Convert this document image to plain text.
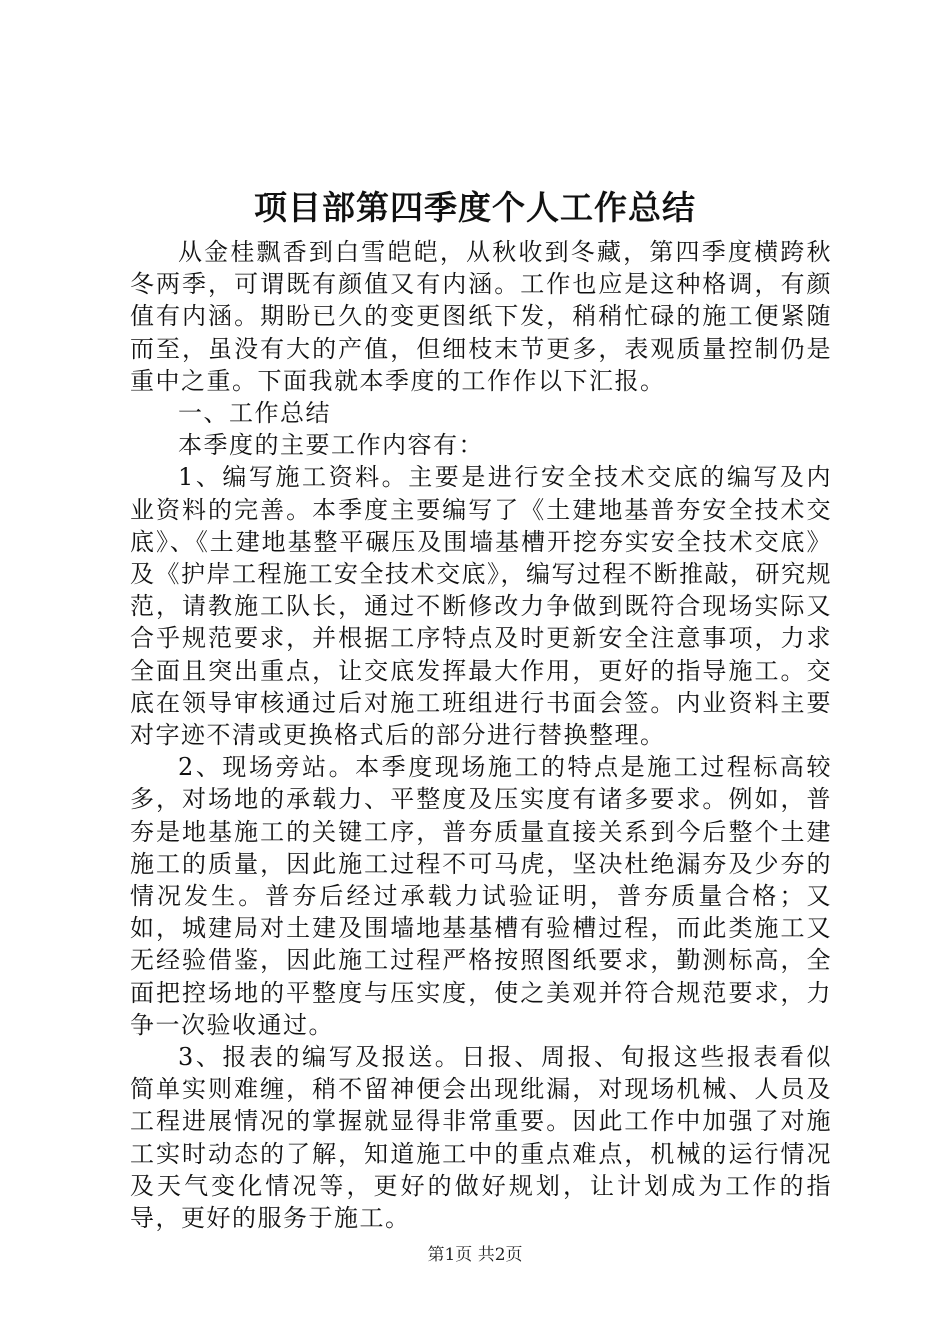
项目部第四季度个人工作总结

从金桂飘香到白雪皑皑，从秋收到冬藏，第四季度横跨秋冬两季，可谓既有颜值又有内涵。工作也应是这种格调，有颜值有内涵。期盼已久的变更图纸下发，稍稍忙碌的施工便紧随而至，虽没有大的产值，但细枝末节更多，表观质量控制仍是重中之重。下面我就本季度的工作作以下汇报。

一、工作总结

本季度的主要工作内容有：

1、编写施工资料。主要是进行安全技术交底的编写及内业资料的完善。本季度主要编写了《土建地基普夯安全技术交底》、《土建地基整平碾压及围墙基槽开挖夯实安全技术交底》及《护岸工程施工安全技术交底》，编写过程不断推敲，研究规范，请教施工队长，通过不断修改力争做到既符合现场实际又合乎规范要求，并根据工序特点及时更新安全注意事项，力求全面且突出重点，让交底发挥最大作用，更好的指导施工。交底在领导审核通过后对施工班组进行书面会签。内业资料主要对字迹不清或更换格式后的部分进行替换整理。

2、现场旁站。本季度现场施工的特点是施工过程标高较多，对场地的承载力、平整度及压实度有诸多要求。例如，普夯是地基施工的关键工序，普夯质量直接关系到今后整个土建施工的质量，因此施工过程不可马虎，坚决杜绝漏夯及少夯的情况发生。普夯后经过承载力试验证明，普夯质量合格；又如，城建局对土建及围墙地基基槽有验槽过程，而此类施工又无经验借鉴，因此施工过程严格按照图纸要求，勤测标高，全面把控场地的平整度与压实度，使之美观并符合规范要求，力争一次验收通过。

3、报表的编写及报送。日报、周报、旬报这些报表看似简单实则难缠，稍不留神便会出现纰漏，对现场机械、人员及工程进展情况的掌握就显得非常重要。因此工作中加强了对施工实时动态的了解，知道施工中的重点难点，机械的运行情况及天气变化情况等，更好的做好规划，让计划成为工作的指导，更好的服务于施工。

第1页 共2页
